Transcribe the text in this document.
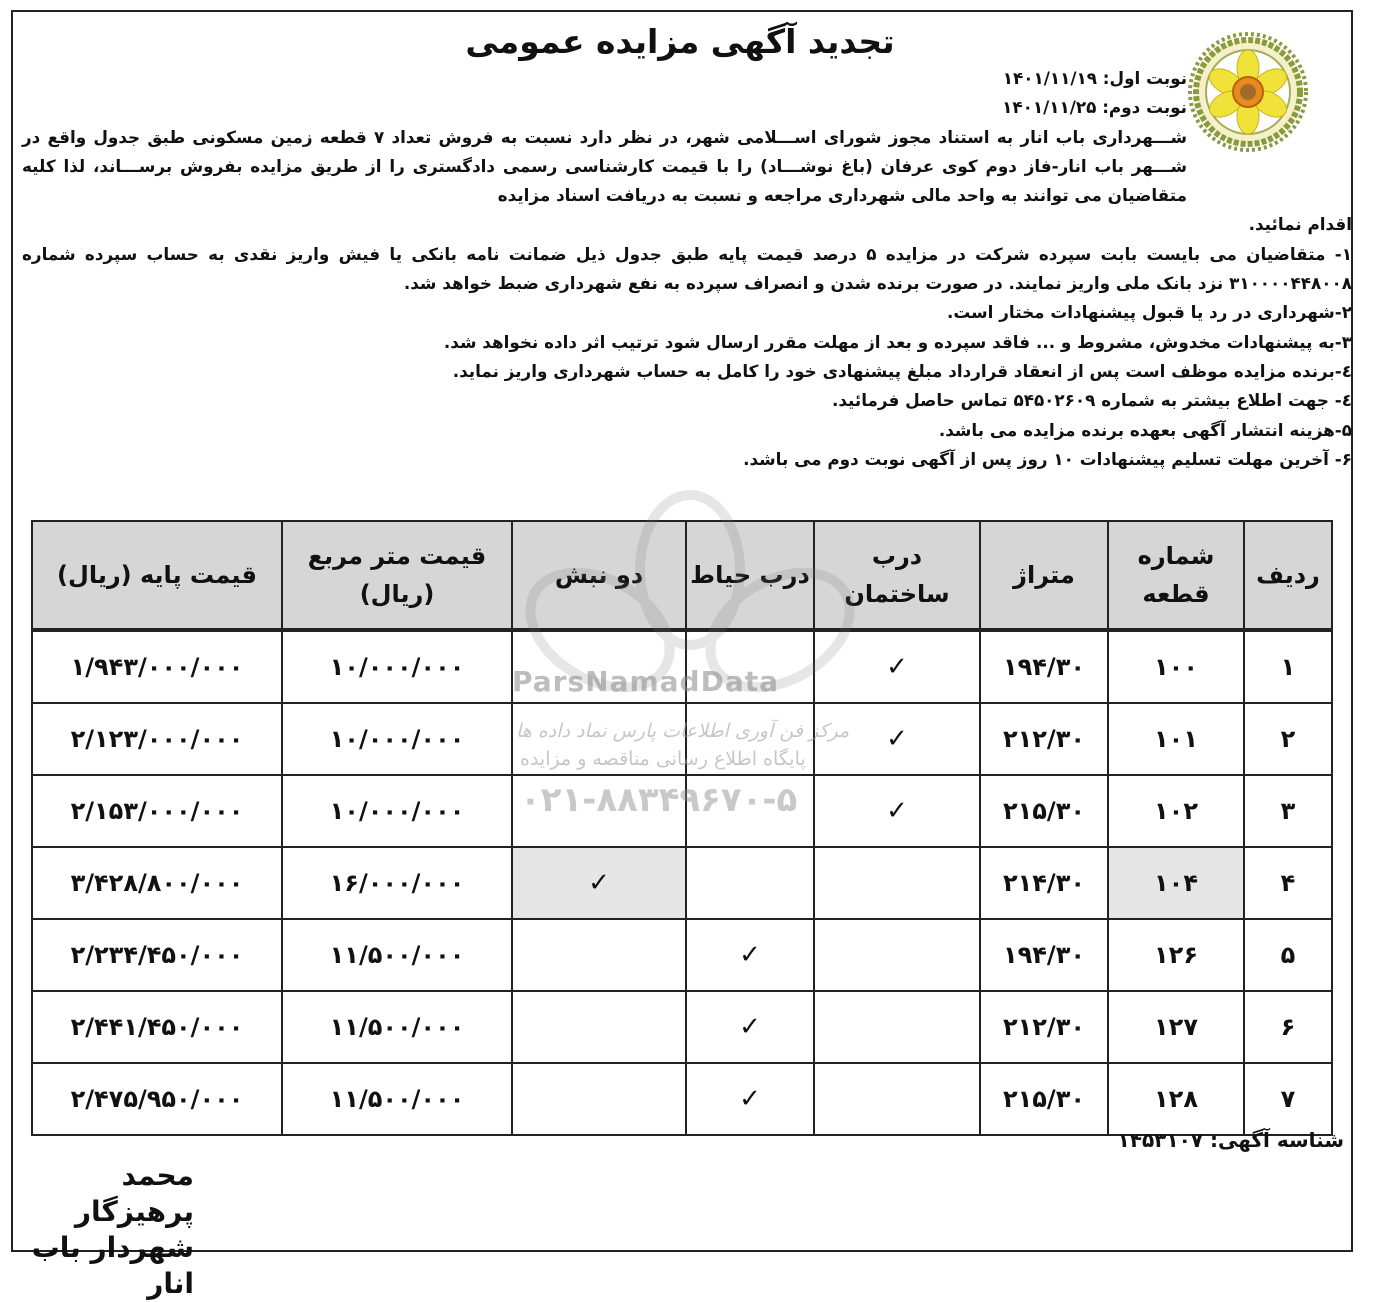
تجدید آگهی مزایده عمومی

نوبت اول: ۱۴۰۱/۱۱/۱۹

نوبت دوم: ۱۴۰۱/۱۱/۲۵

شـــهرداری باب انار به استناد مجوز شورای اســـلامی شهر، در نظر دارد نسبت به فروش تعداد ۷ قطعه زمین مسکونی طبق جدول واقع در شـــهر باب انار-فاز دوم کوی عرفان (باغ نوشـــاد) را با قیمت کارشناسی رسمی دادگستری را از طریق مزایده بفروش برســـاند، لذا کلیه متقاضیان می توانند به واحد مالی شهرداری مراجعه و نسبت به دریافت اسناد مزایده

اقدام نمائید.

۱- متقاضیان می بایست بابت سپرده شرکت در مزایده ۵ درصد قیمت پایه طبق جدول ذیل ضمانت نامه بانکی یا فیش واریز نقدی به حساب سپرده شماره ۳۱۰۰۰۰۴۴۸۰۰۸ نزد بانک ملی واریز نمایند. در صورت برنده شدن و انصراف سپرده به نفع شهرداری ضبط خواهد شد.

۲-شهرداری در رد یا قبول پیشنهادات مختار است.

۳-به پیشنهادات مخدوش، مشروط و ... فاقد سپرده و بعد از مهلت مقرر ارسال شود ترتیب اثر داده نخواهد شد.

٤-برنده مزایده موظف است پس از انعقاد قرارداد مبلغ پیشنهادی خود را کامل به حساب شهرداری واریز نماید.

٤- جهت اطلاع بیشتر به شماره ۵۴۵۰۲۶۰۹ تماس حاصل فرمائید.

۵-هزینه انتشار آگهی بعهده برنده مزایده می باشد.

۶- آخرین مهلت تسلیم پیشنهادات ۱۰ روز پس از آگهی نوبت دوم می باشد.

ردیف	شماره قطعه	متراژ	درب ساختمان	درب حیاط	دو نبش	قیمت متر مربع (ریال)	قیمت پایه (ریال)
۱	۱۰۰	۱۹۴/۳۰	✓			۱۰/۰۰۰/۰۰۰	۱/۹۴۳/۰۰۰/۰۰۰
۲	۱۰۱	۲۱۲/۳۰	✓			۱۰/۰۰۰/۰۰۰	۲/۱۲۳/۰۰۰/۰۰۰
۳	۱۰۲	۲۱۵/۳۰	✓			۱۰/۰۰۰/۰۰۰	۲/۱۵۳/۰۰۰/۰۰۰
۴	۱۰۴	۲۱۴/۳۰			✓	۱۶/۰۰۰/۰۰۰	۳/۴۲۸/۸۰۰/۰۰۰
۵	۱۲۶	۱۹۴/۳۰		✓		۱۱/۵۰۰/۰۰۰	۲/۲۳۴/۴۵۰/۰۰۰
۶	۱۲۷	۲۱۲/۳۰		✓		۱۱/۵۰۰/۰۰۰	۲/۴۴۱/۴۵۰/۰۰۰
۷	۱۲۸	۲۱۵/۳۰		✓		۱۱/۵۰۰/۰۰۰	۲/۴۷۵/۹۵۰/۰۰۰
ParsNamadData
مرکز فن آوری اطلاعات پارس نماد داده ها
پایگاه اطلاع رسانی مناقصه و مزایده
۰۲۱-۸۸۳۴۹۶۷۰-۵
شناسه آگهی: ۱۴۵۳۱۰۷
محمد پرهیزگار
شهردار باب انار
